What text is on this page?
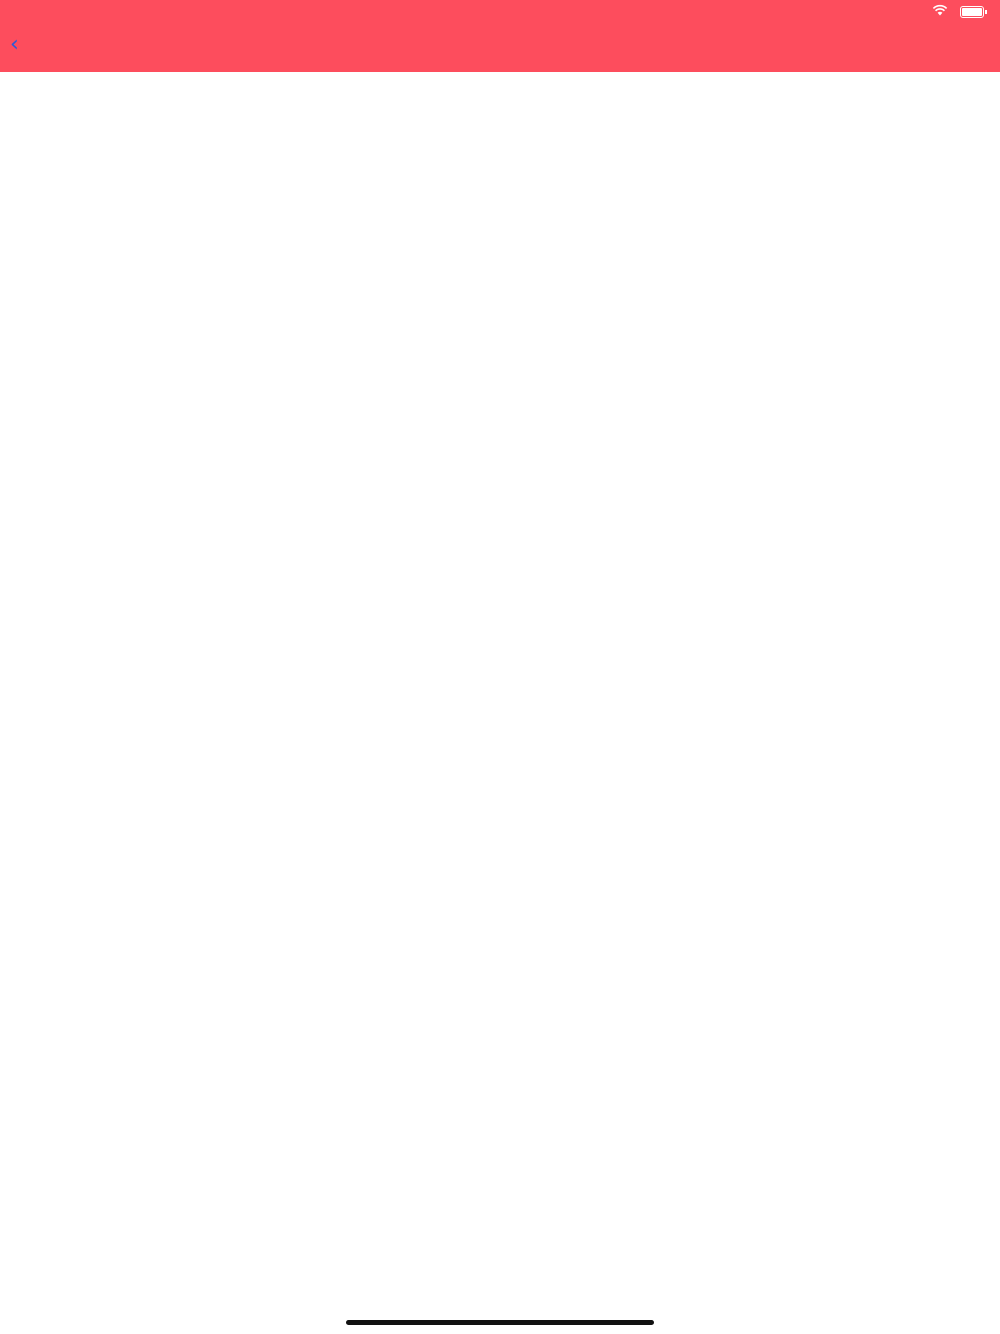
‹
